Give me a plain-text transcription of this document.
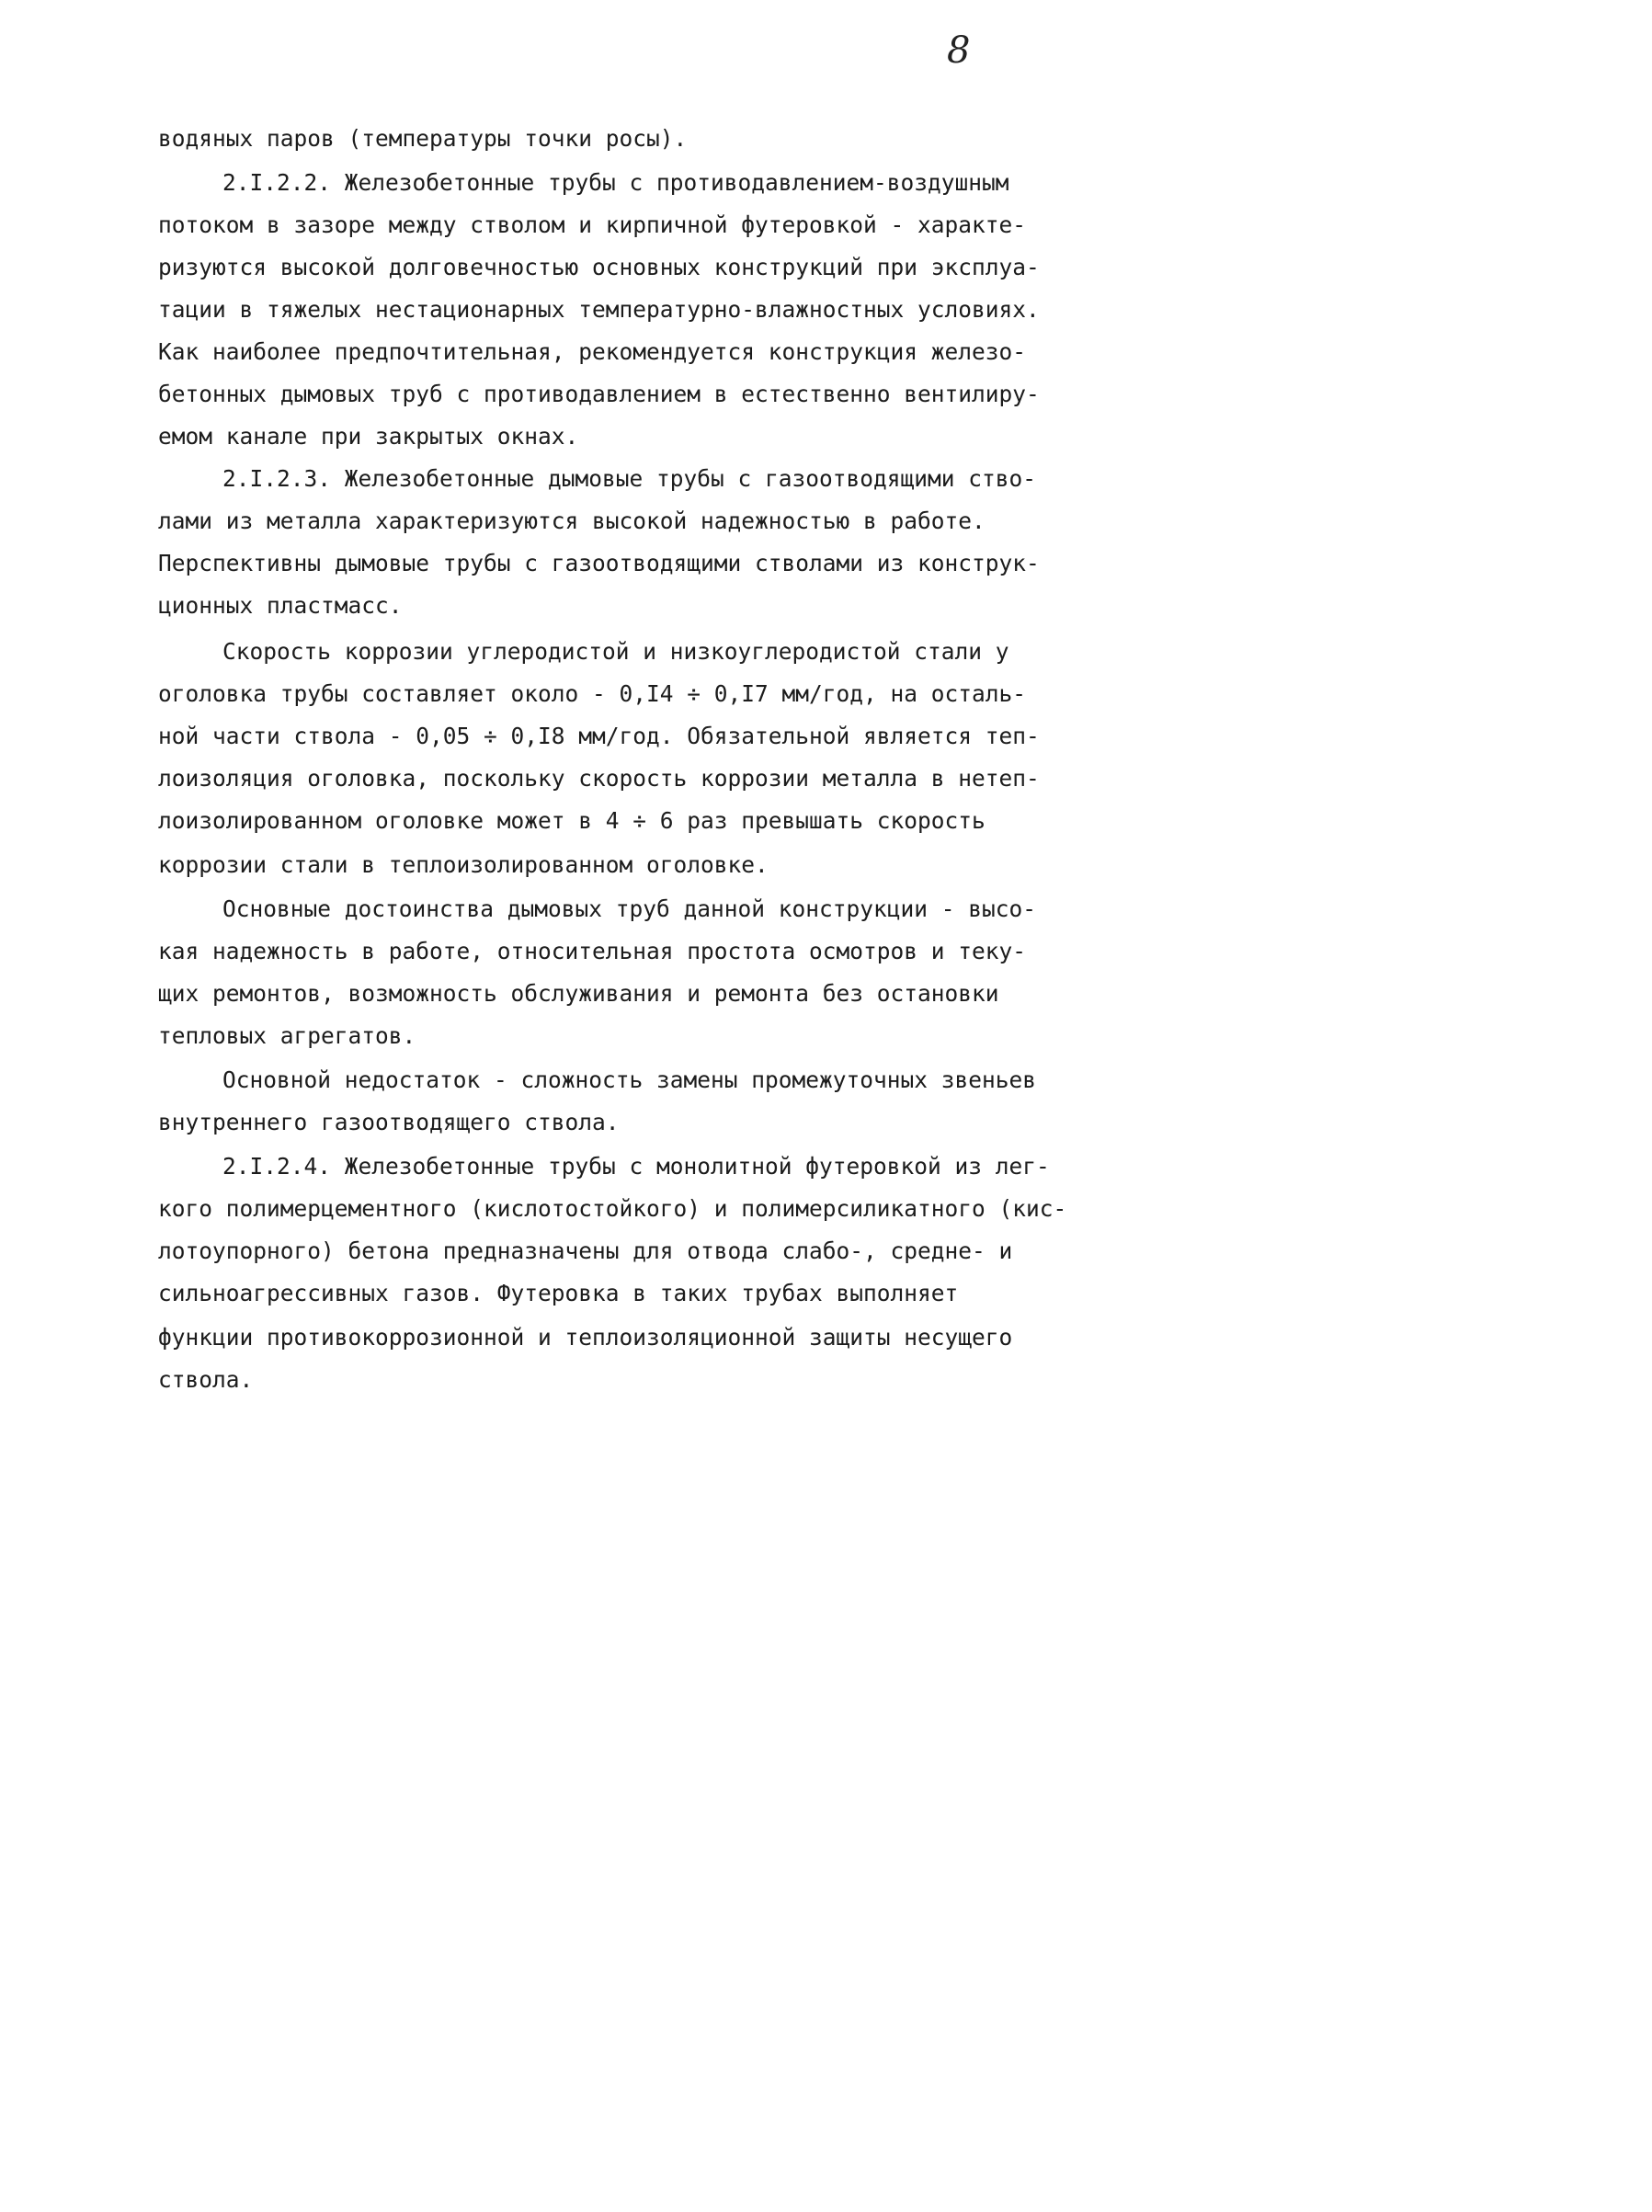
8
водяных паров (температуры точки росы).
2.I.2.2. Железобетонные трубы с противодавлением-воздушным
потоком в зазоре между стволом и кирпичной футеровкой - характе-
ризуются высокой долговечностью основных конструкций при эксплуа-
тации в тяжелых нестационарных температурно-влажностных условиях.
Как наиболее предпочтительная, рекомендуется конструкция железо-
бетонных дымовых труб с противодавлением в естественно вентилиру-
емом канале при закрытых окнах.
2.I.2.3. Железобетонные дымовые трубы с газоотводящими ство-
лами из металла характеризуются высокой надежностью в работе.
Перспективны дымовые трубы с газоотводящими стволами из конструк-
ционных пластмасс.
Скорость коррозии углеродистой и низкоуглеродистой стали у
оголовка трубы составляет около - 0,I4 ÷ 0,I7 мм/год, на осталь-
ной части ствола - 0,05 ÷ 0,I8 мм/год. Обязательной является теп-
лоизоляция оголовка, поскольку скорость коррозии металла в нетеп-
лоизолированном оголовке может в 4 ÷ 6 раз превышать скорость
коррозии стали в теплоизолированном оголовке.
Основные достоинства дымовых труб данной конструкции - высо-
кая надежность в работе, относительная простота осмотров и теку-
щих ремонтов, возможность обслуживания и ремонта без остановки
тепловых агрегатов.
Основной недостаток - сложность замены промежуточных звеньев
внутреннего газоотводящего ствола.
2.I.2.4. Железобетонные трубы с монолитной футеровкой из лег-
кого полимерцементного (кислотостойкого) и полимерсиликатного (кис-
лотоупорного) бетона предназначены для отвода слабо-, средне- и
сильноагрессивных газов. Футеровка в таких трубах выполняет
функции противокоррозионной и теплоизоляционной защиты несущего
ствола.
